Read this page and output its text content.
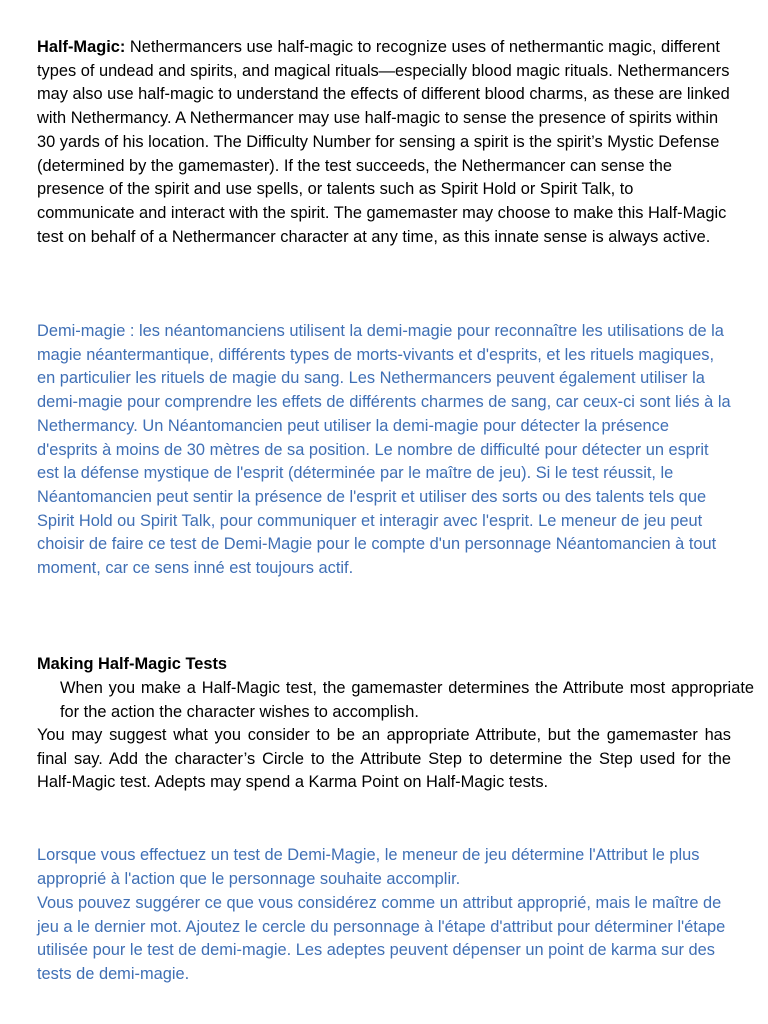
Half-Magic: Nethermancers use half-magic to recognize uses of nethermantic magic, different types of undead and spirits, and magical rituals—especially blood magic rituals. Nethermancers may also use half-magic to understand the effects of different blood charms, as these are linked with Nethermancy. A Nethermancer may use half-magic to sense the presence of spirits within 30 yards of his location. The Difficulty Number for sensing a spirit is the spirit’s Mystic Defense (determined by the gamemaster). If the test succeeds, the Nethermancer can sense the presence of the spirit and use spells, or talents such as Spirit Hold or Spirit Talk, to communicate and interact with the spirit. The gamemaster may choose to make this Half-Magic test on behalf of a Nethermancer character at any time, as this innate sense is always active.

Demi-magie : les néantomanciens utilisent la demi-magie pour reconnaître les utilisations de la magie néantermantique, différents types de morts-vivants et d'esprits, et les rituels magiques, en particulier les rituels de magie du sang. Les Nethermancers peuvent également utiliser la demi-magie pour comprendre les effets de différents charmes de sang, car ceux-ci sont liés à la Nethermancy. Un Néantomancien peut utiliser la demi-magie pour détecter la présence d'esprits à moins de 30 mètres de sa position. Le nombre de difficulté pour détecter un esprit est la défense mystique de l'esprit (déterminée par le maître de jeu). Si le test réussit, le Néantomancien peut sentir la présence de l'esprit et utiliser des sorts ou des talents tels que Spirit Hold ou Spirit Talk, pour communiquer et interagir avec l'esprit. Le meneur de jeu peut choisir de faire ce test de Demi-Magie pour le compte d'un personnage Néantomancien à tout moment, car ce sens inné est toujours actif.

Making Half-Magic Tests

When you make a Half-Magic test, the gamemaster determines the Attribute most appropriate for the action the character wishes to accomplish.

You may suggest what you consider to be an appropriate Attribute, but the gamemaster has final say. Add the character’s Circle to the Attribute Step to determine the Step used for the Half-Magic test. Adepts may spend a Karma Point on Half-Magic tests.

Lorsque vous effectuez un test de Demi-Magie, le meneur de jeu détermine l'Attribut le plus approprié à l'action que le personnage souhaite accomplir.

Vous pouvez suggérer ce que vous considérez comme un attribut approprié, mais le maître de jeu a le dernier mot. Ajoutez le cercle du personnage à l'étape d'attribut pour déterminer l'étape utilisée pour le test de demi-magie. Les adeptes peuvent dépenser un point de karma sur des tests de demi-magie.
